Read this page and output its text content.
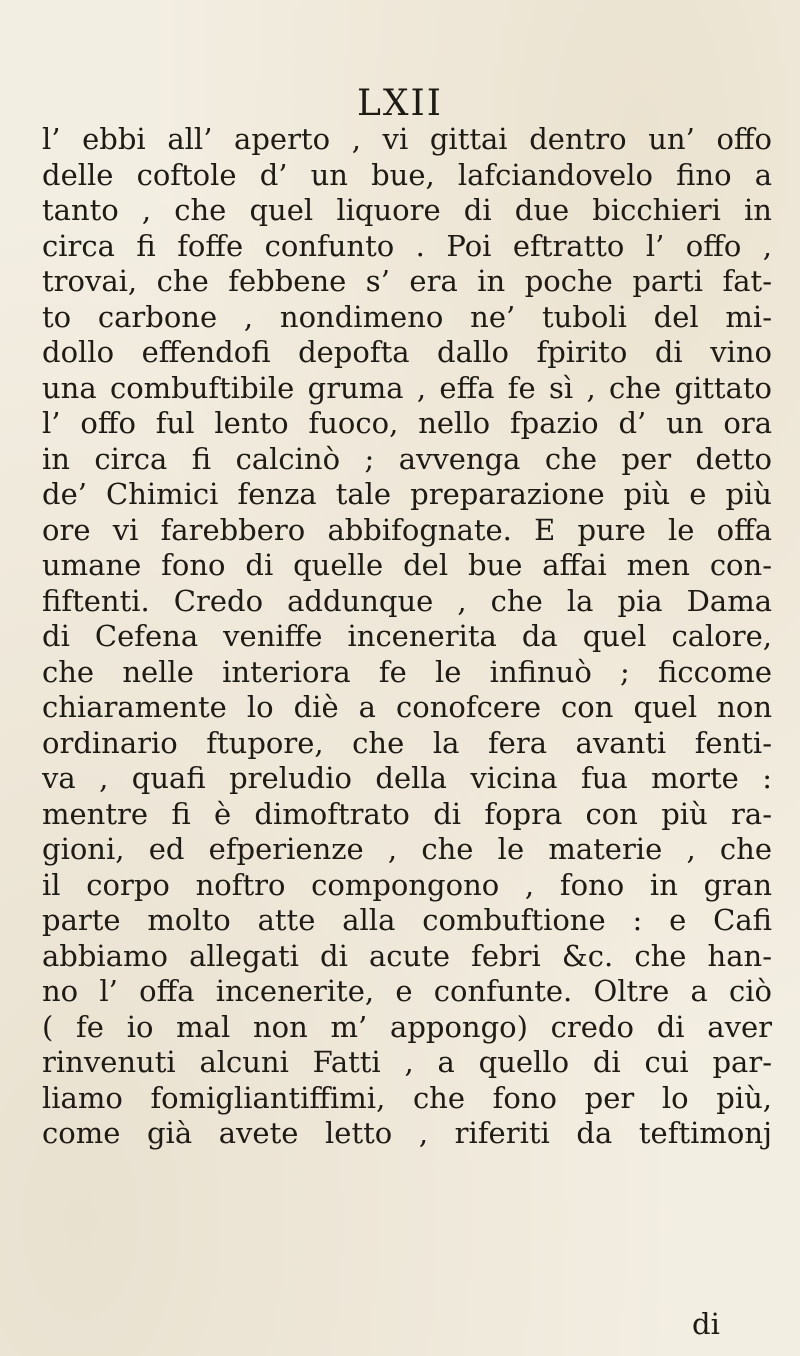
LXII
l’ ebbi all’ aperto , vi gittai dentro un’ offo
delle coftole d’ un bue, lafciandovelo fino a
tanto , che quel liquore di due bicchieri in
circa fi foffe confunto . Poi eftratto l’ offo ,
trovai, che febbene s’ era in poche parti fat-
to carbone , nondimeno ne’ tuboli del mi-
dollo effendofi depofta dallo fpirito di vino
una combuftibile gruma , effa fe sì , che gittato
l’ offo ful lento fuoco, nello fpazio d’ un ora
in circa fi calcinò ; avvenga che per detto
de’ Chimici fenza tale preparazione più e più
ore vi farebbero abbifognate. E pure le offa
umane fono di quelle del bue affai men con-
fiftenti. Credo addunque , che la pia Dama
di Cefena veniffe incenerita da quel calore,
che nelle interiora fe le infinuò ; ficcome
chiaramente lo diè a conofcere con quel non
ordinario ftupore, che la fera avanti fenti-
va , quafi preludio della vicina fua morte :
mentre fi è dimoftrato di fopra con più ra-
gioni, ed efperienze , che le materie , che
il corpo noftro compongono , fono in gran
parte molto atte alla combuftione : e Cafi
abbiamo allegati di acute febri &c. che han-
no l’ offa incenerite, e confunte. Oltre a ciò
( fe io mal non m’ appongo) credo di aver
rinvenuti alcuni Fatti , a quello di cui par-
liamo fomigliantiffimi, che fono per lo più,
come già avete letto , riferiti da teftimonj
di
